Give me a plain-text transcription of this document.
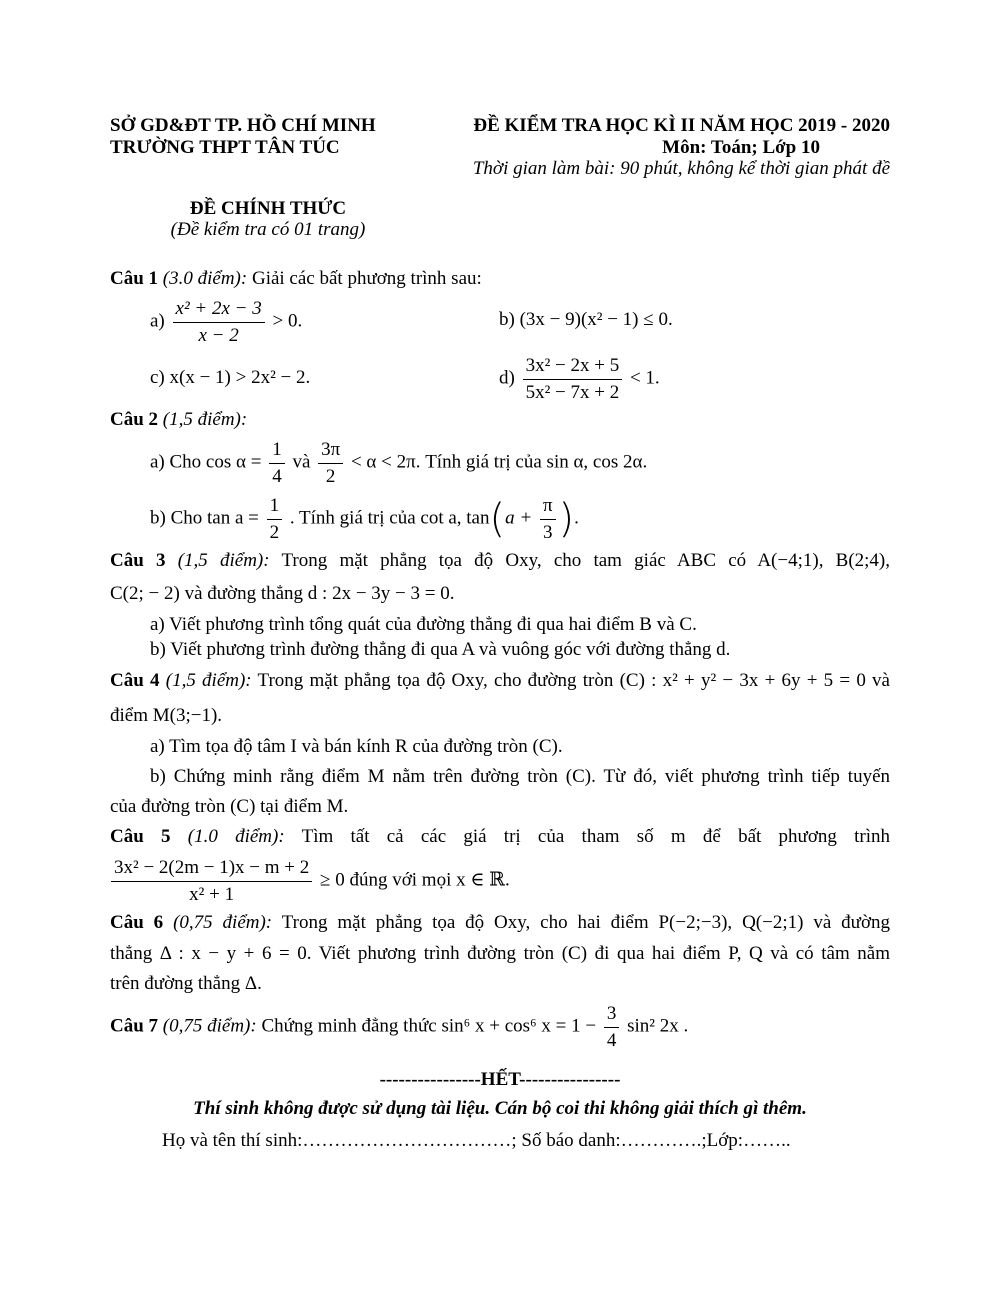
SỞ GD&ĐT TP. HỒ CHÍ MINH
TRƯỜNG THPT TÂN TÚC
ĐỀ KIỂM TRA HỌC KÌ II NĂM HỌC 2019 - 2020
Môn: Toán; Lớp 10
Thời gian làm bài: 90 phút, không kể thời gian phát đề
ĐỀ CHÍNH THỨC
(Đề kiểm tra có 01 trang)
Câu 1 (3.0 điểm): Giải các bất phương trình sau:
$a) \frac{\text{x² + 2x − 3}}{x - 2} > 0$.	b) (3x − 9)(x² − 1) ≤ 0.
c) x(x − 1) > 2x² − 2.	$d) \frac{\text{3x² − 2x + 5}}{\text{5x² − 7x + 2}} < 1$.
Câu 2 (1,5 điểm):
a) Cho $\cos \alpha = \frac{1}{4}$ và $\frac{3\pi}{2} < \alpha < 2\pi$. Tính giá trị của sin α, cos 2α.
b) Cho $\tan a = \frac{1}{2}$ . Tính giá trị của cot a, $\tan(a + \frac{\pi}{3}$ ).
Câu 3 (1,5 điểm): Trong mặt phẳng tọa độ Oxy, cho tam giác ABC có A(−4;1), B(2;4),
C(2; − 2) và đường thẳng d : 2x − 3y − 3 = 0.
a) Viết phương trình tổng quát của đường thẳng đi qua hai điểm B và C.
b) Viết phương trình đường thẳng đi qua A và vuông góc với đường thẳng d.
Câu 4 (1,5 điểm): Trong mặt phẳng tọa độ Oxy, cho đường tròn (C) : x² + y² − 3x + 6y + 5 = 0 và
điểm M(3;−1).
a) Tìm tọa độ tâm I và bán kính R của đường tròn (C).
b) Chứng minh rằng điểm M nằm trên đường tròn (C). Từ đó, viết phương trình tiếp tuyến
của đường tròn (C) tại điểm M.
Câu 5 (1.0 điểm): Tìm tất cả các giá trị của tham số m để bất phương trình
$\frac{\text{3x² − 2(2m − 1)x − m + 2}}{\text{x² + 1}} \ge 0$ đúng với mọi x ∈ ℝ.
Câu 6 (0,75 điểm): Trong mặt phẳng tọa độ Oxy, cho hai điểm P(−2;−3), Q(−2;1) và đường
thẳng Δ : x − y + 6 = 0. Viết phương trình đường tròn (C) đi qua hai điểm P, Q và có tâm nằm
trên đường thẳng Δ.
Câu 7 (0,75 điểm): Chứng minh đẳng thức sin⁶ x + cos⁶ $x = 1 - \frac{3}{4} \sin^2$ 2x .
----------------HẾT----------------
Thí sinh không được sử dụng tài liệu. Cán bộ coi thi không giải thích gì thêm.
Họ và tên thí sinh:……………………………; Số báo danh:………….;Lớp:……..
